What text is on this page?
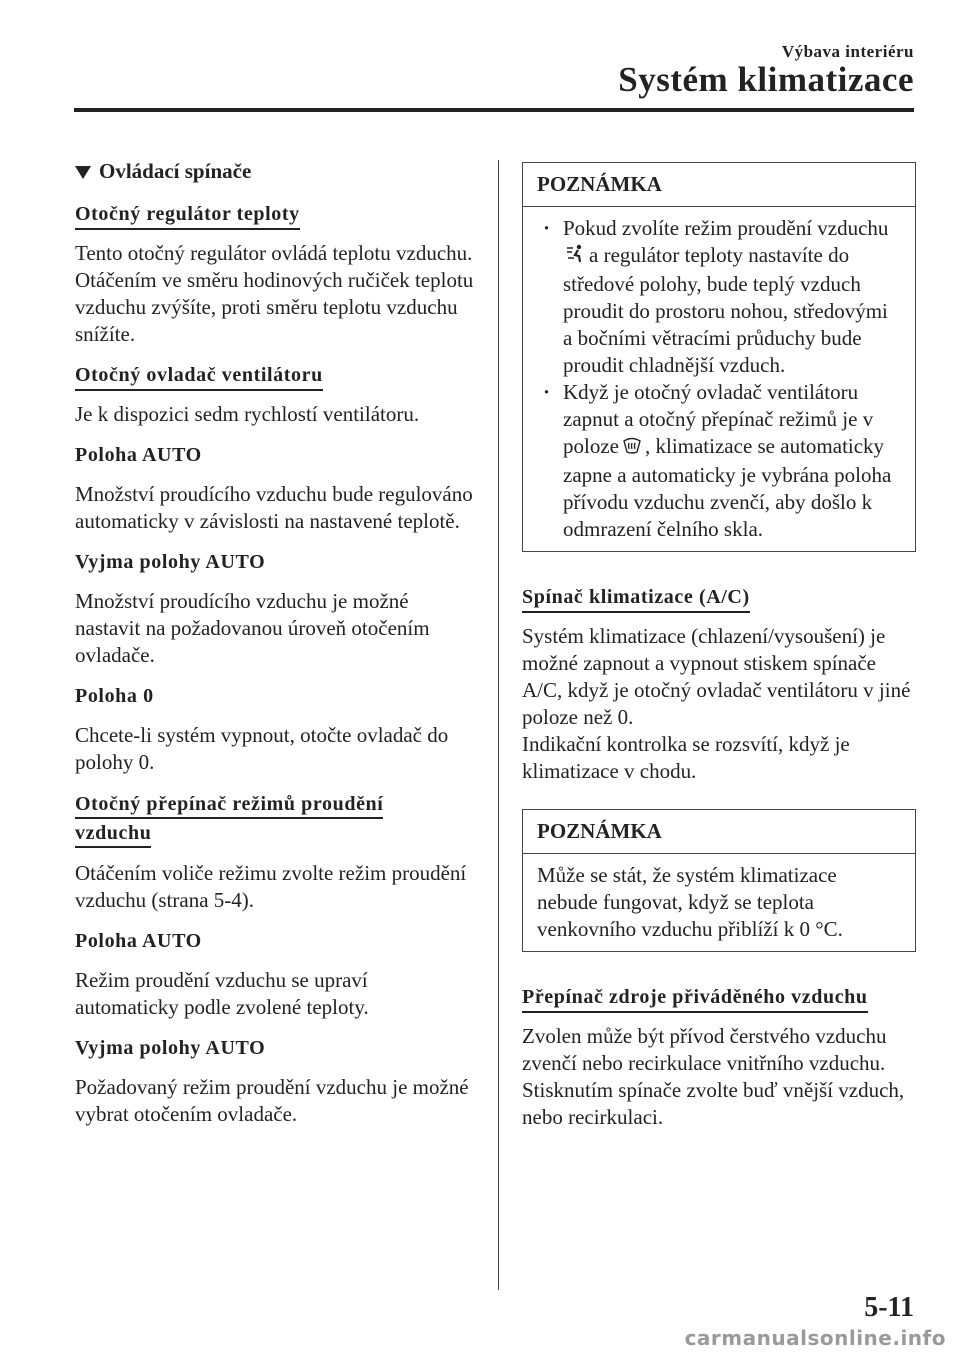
Výbava interiéru
Systém klimatizace
Ovládací spínače
Otočný regulátor teploty
Tento otočný regulátor ovládá teplotu vzduchu. Otáčením ve směru hodinových ručiček teplotu vzduchu zvýšíte, proti směru teplotu vzduchu snížíte.
Otočný ovladač ventilátoru
Je k dispozici sedm rychlostí ventilátoru.
Poloha AUTO
Množství proudícího vzduchu bude regulováno automaticky v závislosti na nastavené teplotě.
Vyjma polohy AUTO
Množství proudícího vzduchu je možné nastavit na požadovanou úroveň otočením ovladače.
Poloha 0
Chcete-li systém vypnout, otočte ovladač do polohy 0.
Otočný přepínač režimů proudění
vzduchu
Otáčením voliče režimu zvolte režim proudění vzduchu (strana 5-4).
Poloha AUTO
Režim proudění vzduchu se upraví automaticky podle zvolené teploty.
Vyjma polohy AUTO
Požadovaný režim proudění vzduchu je možné vybrat otočením ovladače.
POZNÁMKA
· Pokud zvolíte režim proudění vzduchua regulátor teploty nastavíte do středové polohy, bude teplý vzduch proudit do prostoru nohou, středovými a bočními větracími průduchy bude proudit chladnější vzduch.
· Když je otočný ovladač ventilátoru zapnut a otočný přepínač režimů je v poloze , klimatizace se automaticky zapne a automaticky je vybrána poloha přívodu vzduchu zvenčí, aby došlo k odmrazení čelního skla.
Spínač klimatizace (A/C)
Systém klimatizace (chlazení/vysoušení) je možné zapnout a vypnout stiskem spínače A/C, když je otočný ovladač ventilátoru v jiné poloze než 0.
Indikační kontrolka se rozsvítí, když je klimatizace v chodu.
POZNÁMKA
Může se stát, že systém klimatizace nebude fungovat, když se teplota venkovního vzduchu přiblíží k 0 °C.
Přepínač zdroje přiváděného vzduchu
Zvolen může být přívod čerstvého vzduchu zvenčí nebo recirkulace vnitřního vzduchu. Stisknutím spínače zvolte buď vnější vzduch, nebo recirkulaci.
5-11
carmanualsonline.info
